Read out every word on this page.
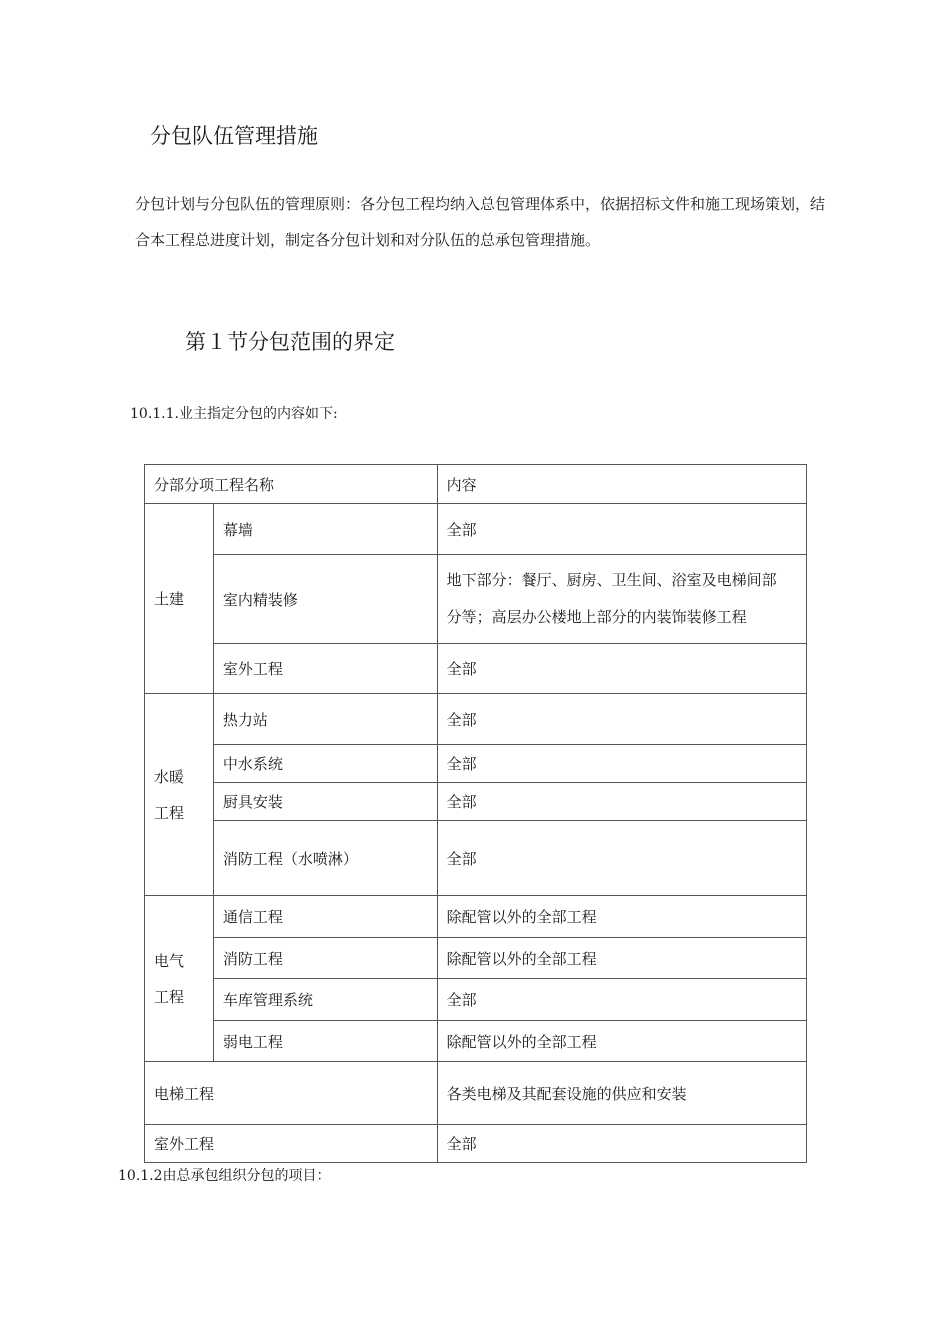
分包队伍管理措施
分包计划与分包队伍的管理原则：各分包工程均纳入总包管理体系中，依据招标文件和施工现场策划，结合本工程总进度计划，制定各分包计划和对分队伍的总承包管理措施。
第１节分包范围的界定
10.1.1.业主指定分包的内容如下:
分部分项工程名称		内容
土建	幕墙	全部
	室内精装修	地下部分：餐厅、厨房、卫生间、浴室及电梯间部
分等；高层办公楼地上部分的内装饰装修工程

	室外工程	全部

水暖
工程	热力站	全部
	中水系统	全部
	厨具安装	全部
	消防工程（水喷淋）	全部

电气
工程	通信工程	除配管以外的全部工程
	消防工程	除配管以外的全部工程
	车库管理系统	全部
	弱电工程	除配管以外的全部工程
电梯工程		各类电梯及其配套设施的供应和安装
室外工程		全部
10.1.2由总承包组织分包的项目：
